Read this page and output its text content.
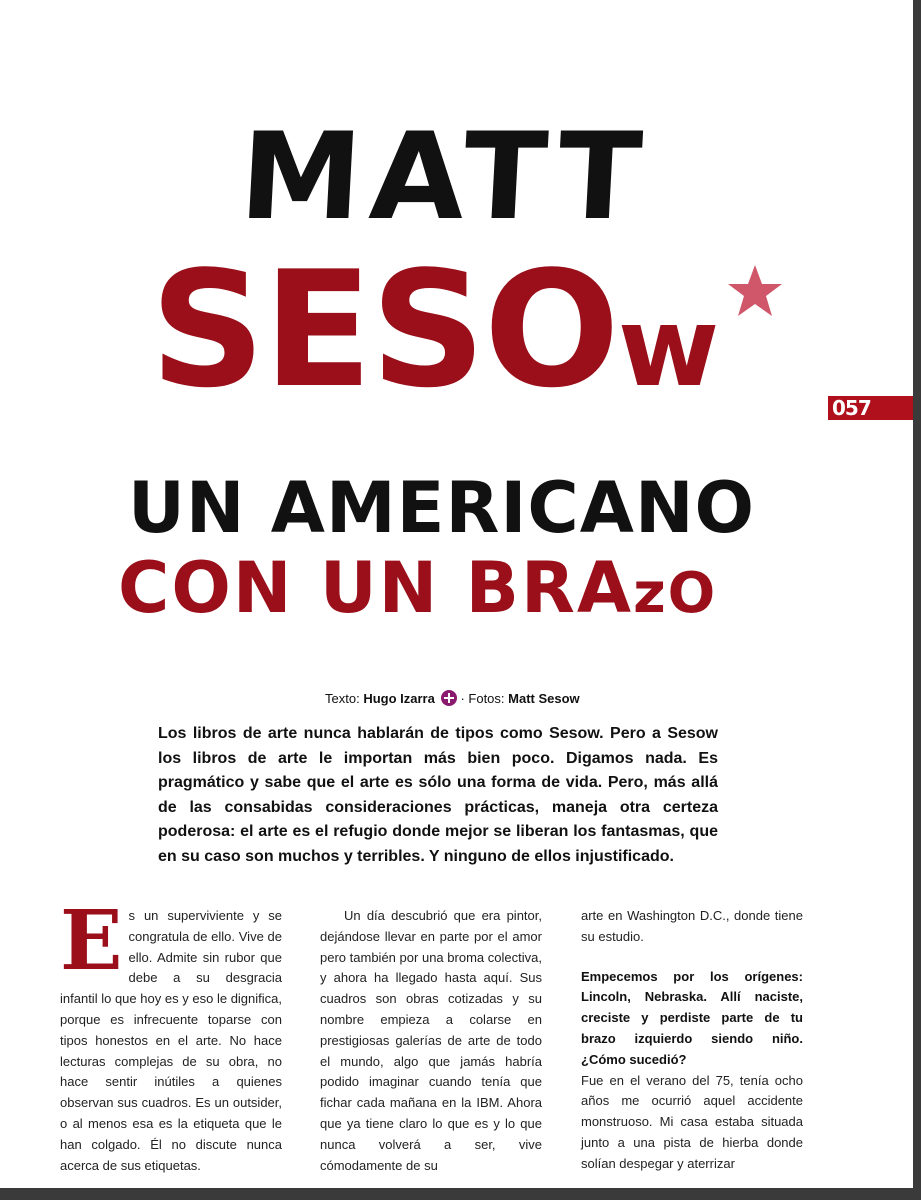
MATT
SESOw	057
UN AMERICANO
CON UN BRAzO
Texto: Hugo Izarra · Fotos: Matt Sesow
Los libros de arte nunca hablarán de tipos como Sesow. Pero a Sesow los libros de arte le importan más bien poco. Digamos nada. Es pragmático y sabe que el arte es sólo una forma de vida. Pero, más allá de las consabidas consideraciones prácticas, maneja otra certeza poderosa: el arte es el refugio donde mejor se liberan los fantasmas, que en su caso son muchos y terribles. Y ninguno de ellos injustificado.
E s un superviviente y se congratula de ello. Vive de ello. Admite sin rubor que debe a su desgracia infantil lo que hoy es y eso le dignifica, porque es infrecuente toparse con tipos honestos en el arte. No hace lecturas complejas de su obra, no hace sentir inútiles a quienes observan sus cuadros. Es un outsider, o al menos esa es la etiqueta que le han colgado. Él no discute nunca acerca de sus etiquetas.

Un día descubrió que era pintor, dejándose llevar en parte por el amor pero también por una broma colectiva, y ahora ha llegado hasta aquí. Sus cuadros son obras cotizadas y su nombre empieza a colarse en prestigiosas galerías de arte de todo el mundo, algo que jamás habría podido imaginar cuando tenía que fichar cada mañana en la IBM. Ahora que ya tiene claro lo que es y lo que nunca volverá a ser, vive cómodamente de su

arte en Washington D.C., donde tiene su estudio.

Empecemos por los orígenes: Lincoln, Nebraska. Allí naciste, creciste y perdiste parte de tu brazo izquierdo siendo niño. ¿Cómo sucedió?

Fue en el verano del 75, tenía ocho años me ocurrió aquel accidente monstruoso. Mi casa estaba situada junto a una pista de hierba donde solían despegar y aterrizar
